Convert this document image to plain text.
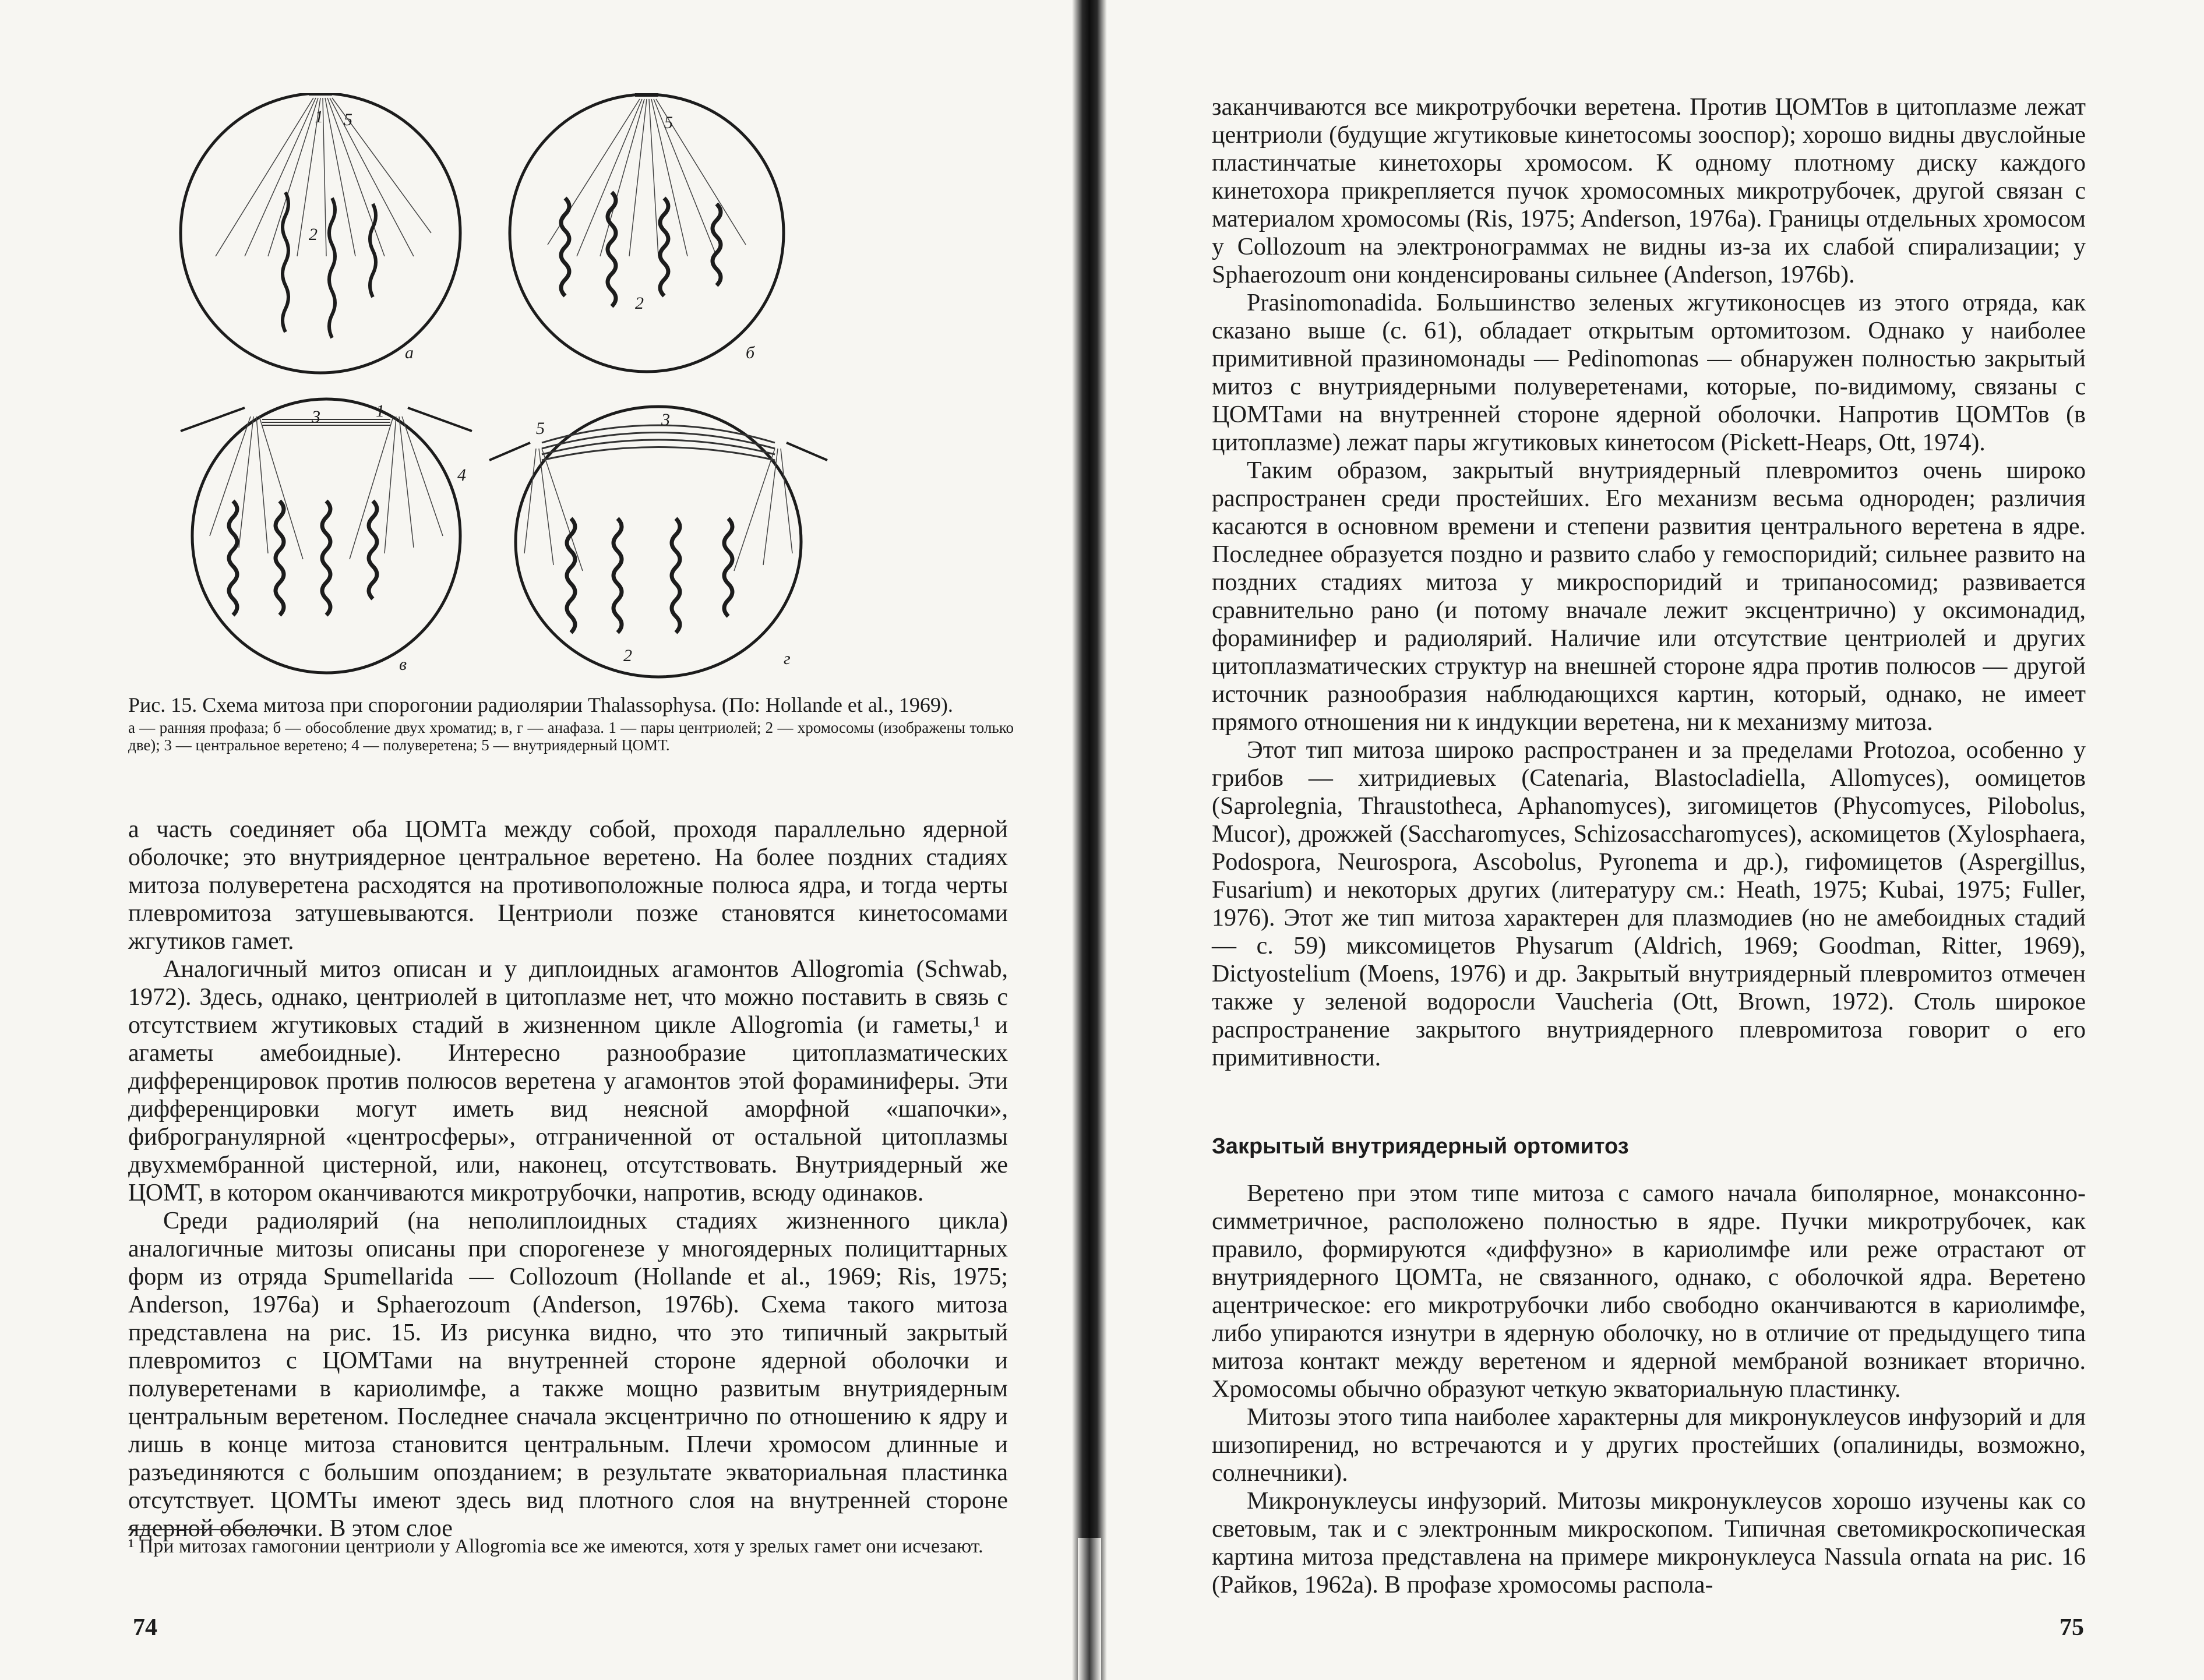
1 5
2
а
5
2
б
3	1
4
в
5	3
2	г

Рис. 15. Схема митоза при спорогонии радиолярии Thalassophysa. (По: Hollande et al., 1969).

а — ранняя профаза; б — обособление двух хроматид; в, г — анафаза. 1 — пары центриолей; 2 — хромосомы (изображены только две); 3 — центральное веретено; 4 — полуверетена; 5 — внутриядерный ЦОМТ.

а часть соединяет оба ЦОМТа между собой, проходя параллельно ядерной оболочке; это внутриядерное центральное веретено. На более поздних стадиях митоза полуверетена расходятся на противоположные полюса ядра, и тогда черты плевромитоза затушевываются. Центриоли позже становятся кинетосомами жгутиков гамет.

Аналогичный митоз описан и у диплоидных агамонтов Allogromia (Schwab, 1972). Здесь, однако, центриолей в цитоплазме нет, что можно поставить в связь с отсутствием жгутиковых стадий в жизненном цикле Allogromia (и гаметы,¹ и агаметы амебоидные). Интересно разнообразие цитоплазматических дифференцировок против полюсов веретена у агамонтов этой фораминиферы. Эти дифференцировки могут иметь вид неясной аморфной «шапочки», фиброгранулярной «центросферы», отграниченной от остальной цитоплазмы двухмембранной цистерной, или, наконец, отсутствовать. Внутриядерный же ЦОМТ, в котором оканчиваются микротрубочки, напротив, всюду одинаков.

Среди радиолярий (на неполиплоидных стадиях жизненного цикла) аналогичные митозы описаны при спорогенезе у многоядерных полициттарных форм из отряда Spumellarida — Collozoum (Hollande et al., 1969; Ris, 1975; Anderson, 1976a) и Sphaerozoum (Anderson, 1976b). Схема такого митоза представлена на рис. 15. Из рисунка видно, что это типичный закрытый плевромитоз с ЦОМТами на внутренней стороне ядерной оболочки и полуверетенами в кариолимфе, а также мощно развитым внутриядерным центральным веретеном. Последнее сначала эксцентрично по отношению к ядру и лишь в конце митоза становится центральным. Плечи хромосом длинные и разъединяются с большим опозданием; в результате экваториальная пластинка отсутствует. ЦОМТы имеют здесь вид плотного слоя на внутренней стороне ядерной оболочки. В этом слое

¹ При митозах гамогонии центриоли у Allogromia все же имеются, хотя у зрелых гамет они исчезают.

74

заканчиваются все микротрубочки веретена. Против ЦОМТов в цитоплазме лежат центриоли (будущие жгутиковые кинетосомы зооспор); хорошо видны двуслойные пластинчатые кинетохоры хромосом. К одному плотному диску каждого кинетохора прикрепляется пучок хромосомных микротрубочек, другой связан с материалом хромосомы (Ris, 1975; Anderson, 1976a). Границы отдельных хромосом у Collozoum на электронограммах не видны из-за их слабой спирализации; у Sphaerozoum они конденсированы сильнее (Anderson, 1976b).

Prasinomonadida. Большинство зеленых жгутиконосцев из этого отряда, как сказано выше (с. 61), обладает открытым ортомитозом. Однако у наиболее примитивной празиномонады — Pedinomonas — обнаружен полностью закрытый митоз с внутриядерными полуверетенами, которые, по-видимому, связаны с ЦОМТами на внутренней стороне ядерной оболочки. Напротив ЦОМТов (в цитоплазме) лежат пары жгутиковых кинетосом (Pickett-Heaps, Ott, 1974).

Таким образом, закрытый внутриядерный плевромитоз очень широко распространен среди простейших. Его механизм весьма однороден; различия касаются в основном времени и степени развития центрального веретена в ядре. Последнее образуется поздно и развито слабо у гемоспоридий; сильнее развито на поздних стадиях митоза у микроспоридий и трипаносомид; развивается сравнительно рано (и потому вначале лежит эксцентрично) у оксимонадид, фораминифер и радиолярий. Наличие или отсутствие центриолей и других цитоплазматических структур на внешней стороне ядра против полюсов — другой источник разнообразия наблюдающихся картин, который, однако, не имеет прямого отношения ни к индукции веретена, ни к механизму митоза.

Этот тип митоза широко распространен и за пределами Protozoa, особенно у грибов — хитридиевых (Catenaria, Blastocladiella, Allomyces), оомицетов (Saprolegnia, Thraustotheca, Aphanomyces), зигомицетов (Phycomyces, Pilobolus, Mucor), дрожжей (Saccharomyces, Schizosaccharomyces), аскомицетов (Xylosphaera, Podospora, Neurospora, Ascobolus, Pyronema и др.), гифомицетов (Aspergillus, Fusarium) и некоторых других (литературу см.: Heath, 1975; Kubai, 1975; Fuller, 1976). Этот же тип митоза характерен для плазмодиев (но не амебоидных стадий — с. 59) миксомицетов Physarum (Aldrich, 1969; Goodman, Ritter, 1969), Dictyostelium (Moens, 1976) и др. Закрытый внутриядерный плевромитоз отмечен также у зеленой водоросли Vaucheria (Ott, Brown, 1972). Столь широкое распространение закрытого внутриядерного плевромитоза говорит о его примитивности.

Закрытый внутриядерный ортомитоз

Веретено при этом типе митоза с самого начала биполярное, монаксонно-симметричное, расположено полностью в ядре. Пучки микротрубочек, как правило, формируются «диффузно» в кариолимфе или реже отрастают от внутриядерного ЦОМТа, не связанного, однако, с оболочкой ядра. Веретено ацентрическое: его микротрубочки либо свободно оканчиваются в кариолимфе, либо упираются изнутри в ядерную оболочку, но в отличие от предыдущего типа митоза контакт между веретеном и ядерной мембраной возникает вторично. Хромосомы обычно образуют четкую экваториальную пластинку.

Митозы этого типа наиболее характерны для микронуклеусов инфузорий и для шизопиренид, но встречаются и у других простейших (опалиниды, возможно, солнечники).

Микронуклеусы инфузорий. Митозы микронуклеусов хорошо изучены как со световым, так и с электронным микроскопом. Типичная светомикроскопическая картина митоза представлена на примере микронуклеуса Nassula ornata на рис. 16 (Райков, 1962a). В профазе хромосомы распола-

75
